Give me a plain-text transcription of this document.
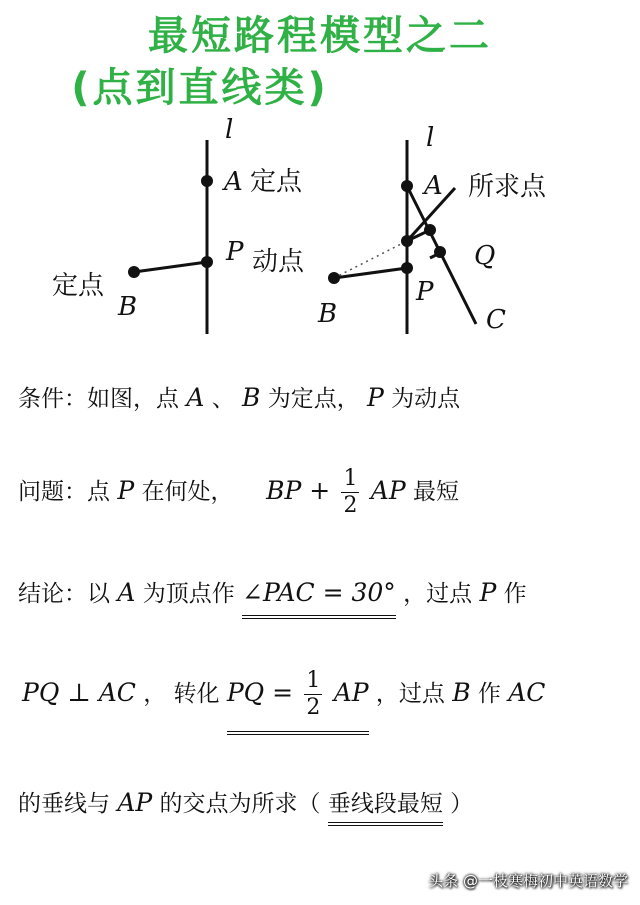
最短路程模型之二
(点到直线类)
l
A 定点
P 动点
定点
B
l
A 所求点
Q
P
B	C
条件：如图，点 A 、 B 为定点， P 为动点
问题：点 P 在何处， BP + $\frac{1}{2}$ AP 最短
结论：以 A 为顶点作 ∠PAC = 30° ，过点 P 作
PQ ⊥ AC ， 转化 PQ = $\frac{1}{2}$ AP ，过点 B 作 AC
的垂线与 AP 的交点为所求（ 垂线段最短 ）
头条 @一枝寒梅初中英语数学
